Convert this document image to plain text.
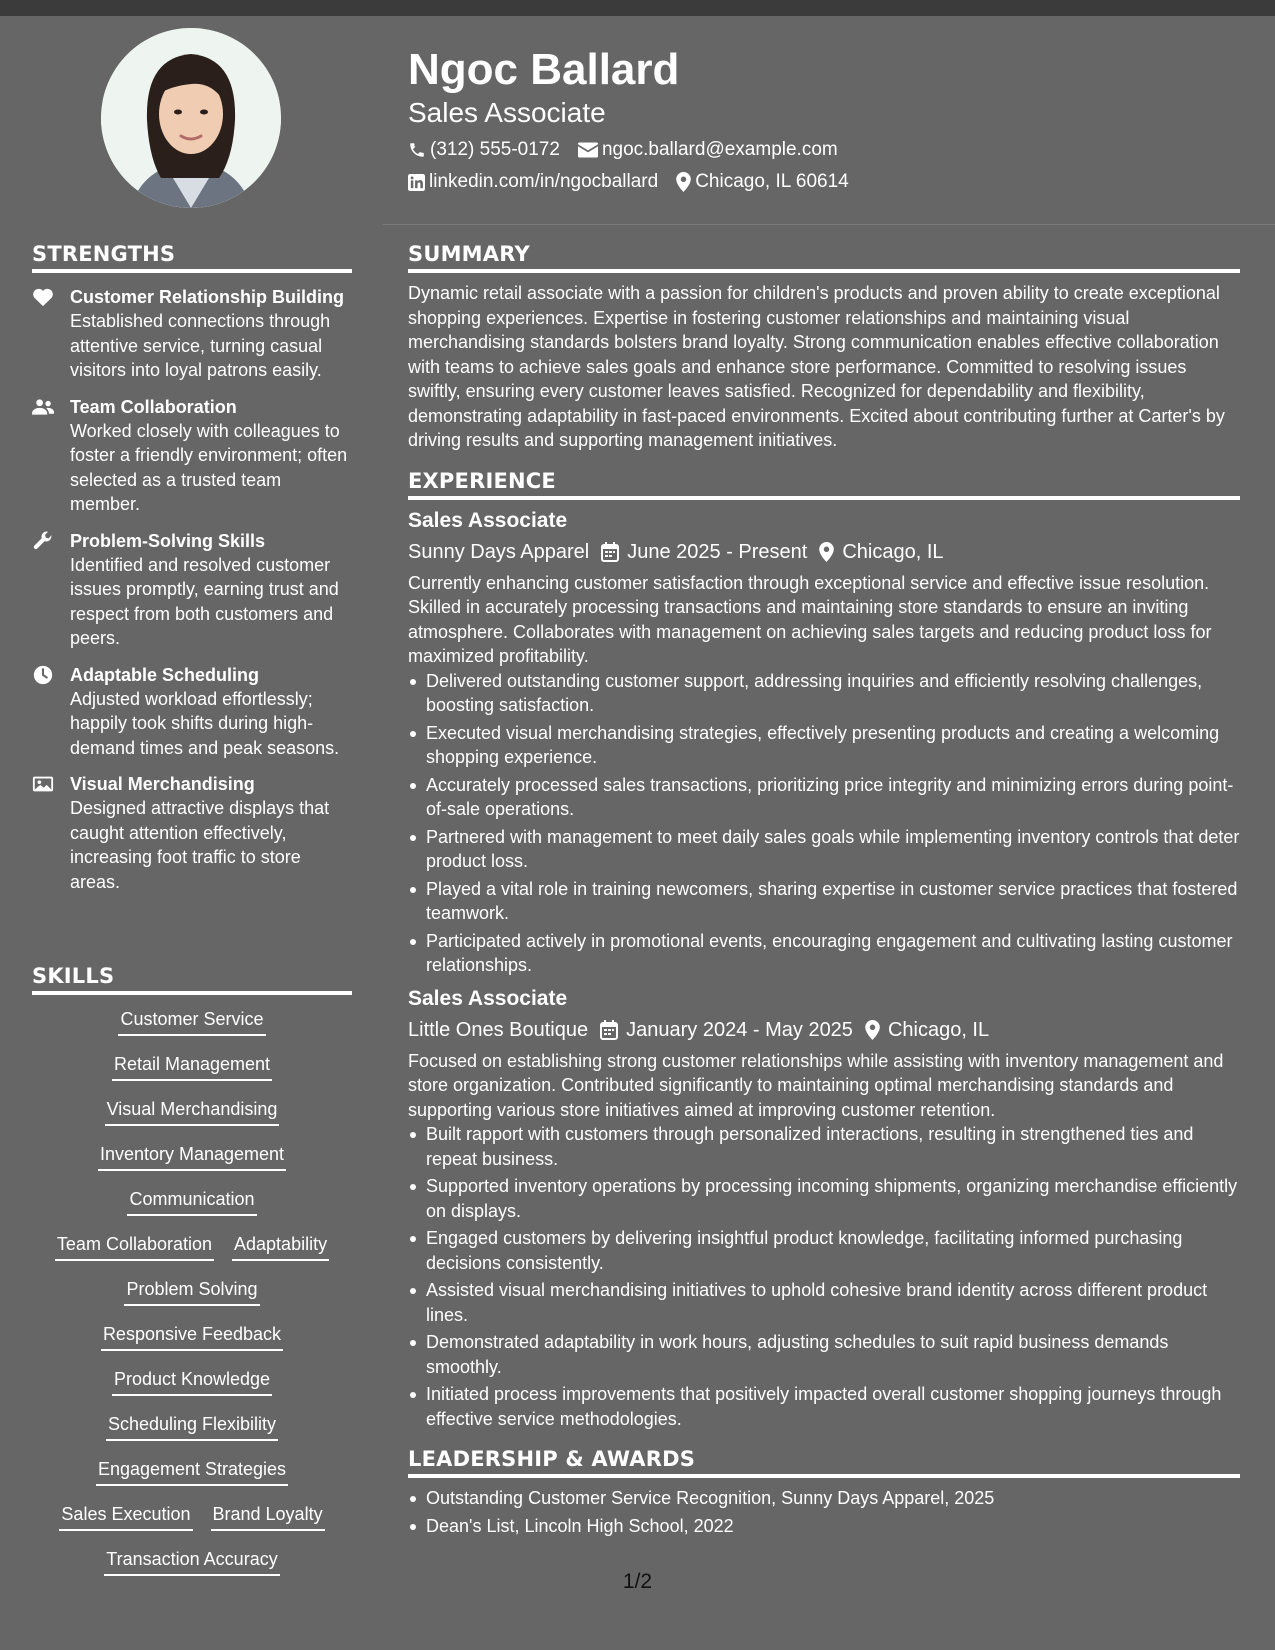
Ngoc Ballard
Sales Associate
(312) 555-0172 ngoc.ballard@example.com
linkedin.com/in/ngocballard Chicago, IL 60614
STRENGTHS
Customer Relationship Building
Established connections through attentive service, turning casual visitors into loyal patrons easily.
Team Collaboration
Worked closely with colleagues to foster a friendly environment; often selected as a trusted team member.
Problem-Solving Skills
Identified and resolved customer issues promptly, earning trust and respect from both customers and peers.
Adaptable Scheduling
Adjusted workload effortlessly; happily took shifts during high-demand times and peak seasons.
Visual Merchandising
Designed attractive displays that caught attention effectively, increasing foot traffic to store areas.
SKILLS
Customer Service
Retail Management
Visual Merchandising
Inventory Management
Communication
Team Collaboration Adaptability
Problem Solving
Responsive Feedback
Product Knowledge
Scheduling Flexibility
Engagement Strategies
Sales Execution Brand Loyalty
Transaction Accuracy
SUMMARY
Dynamic retail associate with a passion for children's products and proven ability to create exceptional shopping experiences. Expertise in fostering customer relationships and maintaining visual merchandising standards bolsters brand loyalty. Strong communication enables effective collaboration with teams to achieve sales goals and enhance store performance. Committed to resolving issues swiftly, ensuring every customer leaves satisfied. Recognized for dependability and flexibility, demonstrating adaptability in fast-paced environments. Excited about contributing further at Carter's by driving results and supporting management initiatives.
EXPERIENCE
Sales Associate
Sunny Days Apparel June 2025 - Present Chicago, IL
Currently enhancing customer satisfaction through exceptional service and effective issue resolution. Skilled in accurately processing transactions and maintaining store standards to ensure an inviting atmosphere. Collaborates with management on achieving sales targets and reducing product loss for maximized profitability.
Delivered outstanding customer support, addressing inquiries and efficiently resolving challenges, boosting satisfaction.
Executed visual merchandising strategies, effectively presenting products and creating a welcoming shopping experience.
Accurately processed sales transactions, prioritizing price integrity and minimizing errors during point-of-sale operations.
Partnered with management to meet daily sales goals while implementing inventory controls that deter product loss.
Played a vital role in training newcomers, sharing expertise in customer service practices that fostered teamwork.
Participated actively in promotional events, encouraging engagement and cultivating lasting customer relationships.
Sales Associate
Little Ones Boutique January 2024 - May 2025 Chicago, IL
Focused on establishing strong customer relationships while assisting with inventory management and store organization. Contributed significantly to maintaining optimal merchandising standards and supporting various store initiatives aimed at improving customer retention.
Built rapport with customers through personalized interactions, resulting in strengthened ties and repeat business.
Supported inventory operations by processing incoming shipments, organizing merchandise efficiently on displays.
Engaged customers by delivering insightful product knowledge, facilitating informed purchasing decisions consistently.
Assisted visual merchandising initiatives to uphold cohesive brand identity across different product lines.
Demonstrated adaptability in work hours, adjusting schedules to suit rapid business demands smoothly.
Initiated process improvements that positively impacted overall customer shopping journeys through effective service methodologies.
LEADERSHIP & AWARDS
Outstanding Customer Service Recognition, Sunny Days Apparel, 2025
Dean's List, Lincoln High School, 2022
1/2
